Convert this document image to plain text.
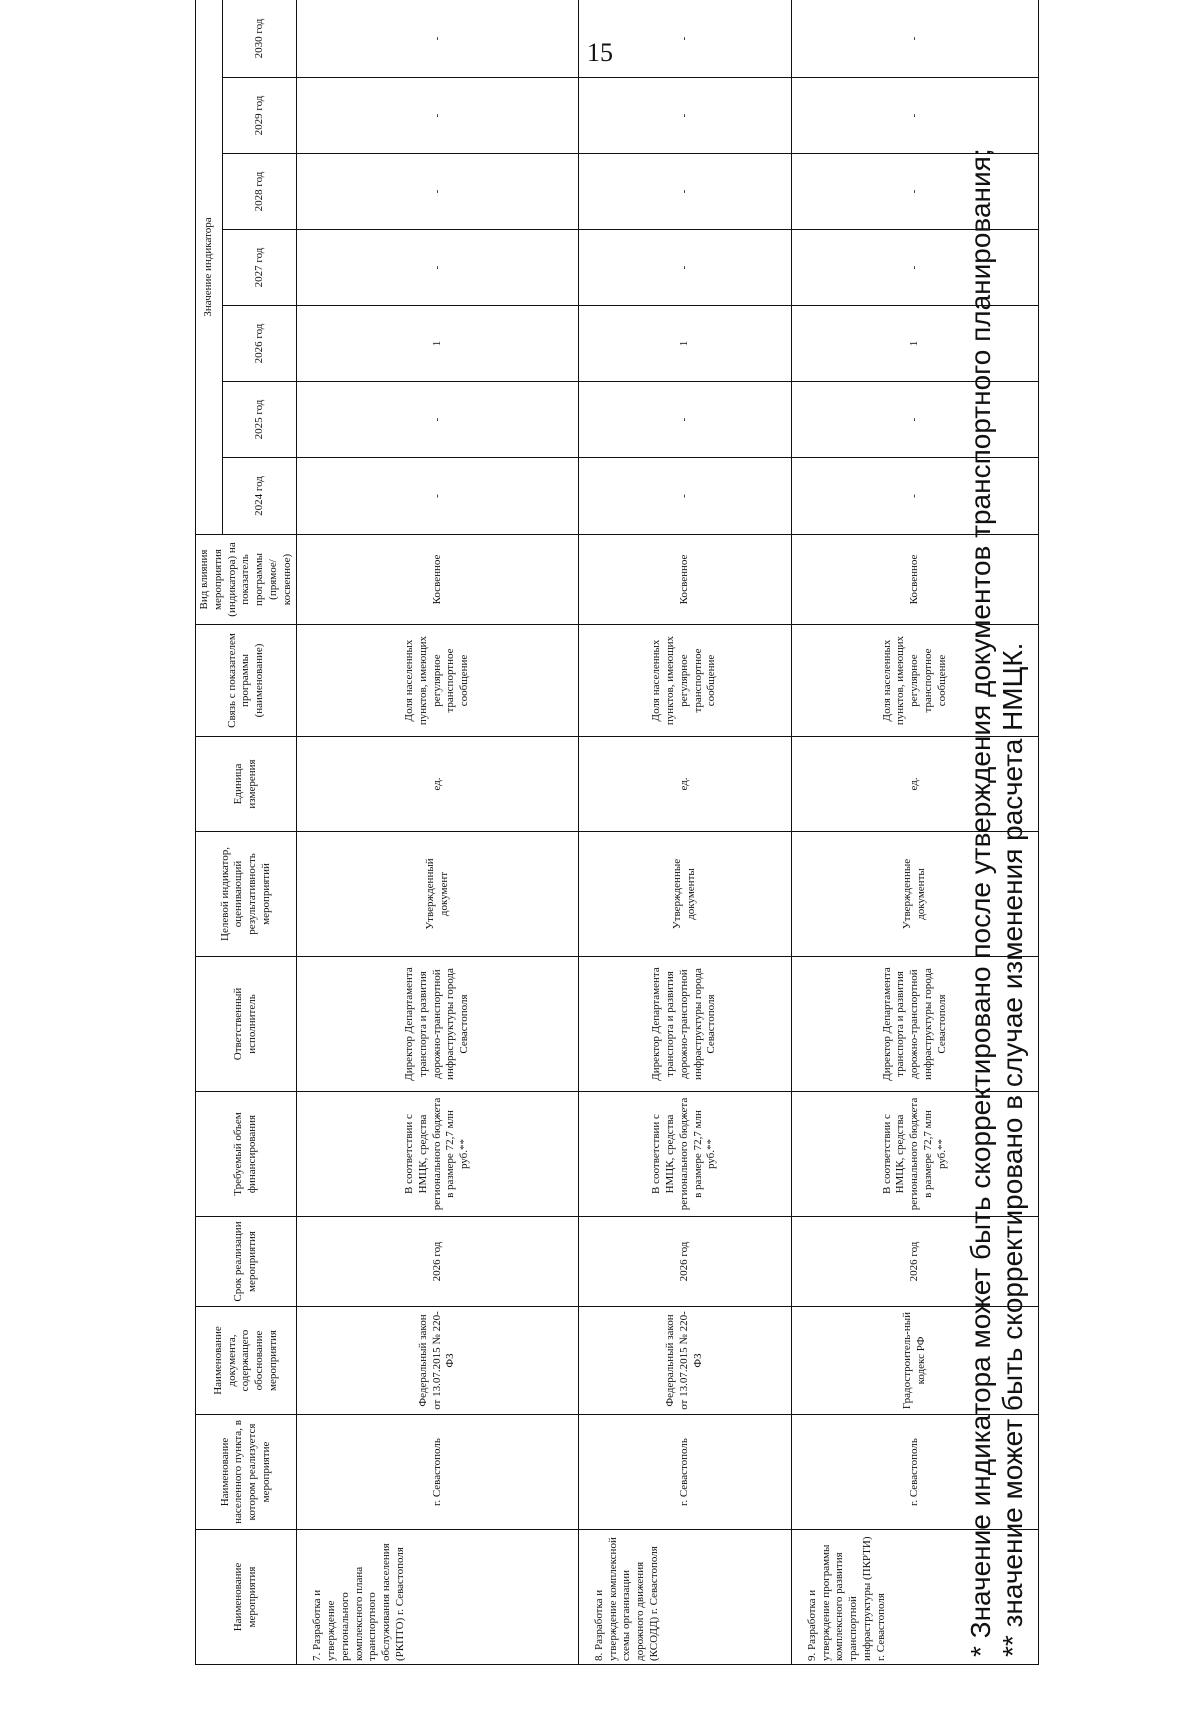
15
Наименование мероприятия	Наименование населенного пункта, в котором реализуется мероприятие	Наименование документа, содержащего обоснование мероприятия	Срок реализации мероприятия	Требуемый объем финансирования	Ответственный исполнитель	Целевой индикатор, оценивающий результативность мероприятий	Единица измерения	Связь с показателем программы (наименование)	Вид влияния мероприятия (индикатора) на показатель программы (прямое/ косвенное)	Значение индикатора						
										2024 год	2025 год	2026 год	2027 год	2028 год	2029 год	2030 год
7. Разработка и утверждение регионального комплексного плана транспортного обслуживания населения (РКПТО) г. Севастополя	г. Севастополь	Федеральный закон от 13.07.2015 № 220-ФЗ	2026 год	В соответствии с НМЦК, средства регионального бюджета в размере 72,7 млн руб.**	Директор Департамента транспорта и развития дорожно-транспортной инфраструктуры города Севастополя	Утвержденный документ	ед.	Доля населенных пунктов, имеющих регулярное транспортное сообщение	Косвенное	-	-	1	-	-	-	-
8. Разработка и утверждение комплексной схемы организации дорожного движения (КСОДД) г. Севастополя	г. Севастополь	Федеральный закон от 13.07.2015 № 220-ФЗ	2026 год	В соответствии с НМЦК, средства регионального бюджета в размере 72,7 млн руб.**	Директор Департамента транспорта и развития дорожно-транспортной инфраструктуры города Севастополя	Утвержденные документы	ед.	Доля населенных пунктов, имеющих регулярное транспортное сообщение	Косвенное	-	-	1	-	-	-	-
9. Разработка и утверждение программы комплексного развития транспортной инфраструктуры (ПКРТИ) г. Севастополя	г. Севастополь	Градостроитель-ный кодекс РФ	2026 год	В соответствии с НМЦК, средства регионального бюджета в размере 72,7 млн руб.**	Директор Департамента транспорта и развития дорожно-транспортной инфраструктуры города Севастополя	Утвержденные документы	ед.	Доля населенных пунктов, имеющих регулярное транспортное сообщение	Косвенное	-	-	1	-	-	-	-
* Значение индикатора может быть скорректировано после утверждения документов транспортного планирования; ** значение может быть скорректировано в случае изменения расчета НМЦК.
